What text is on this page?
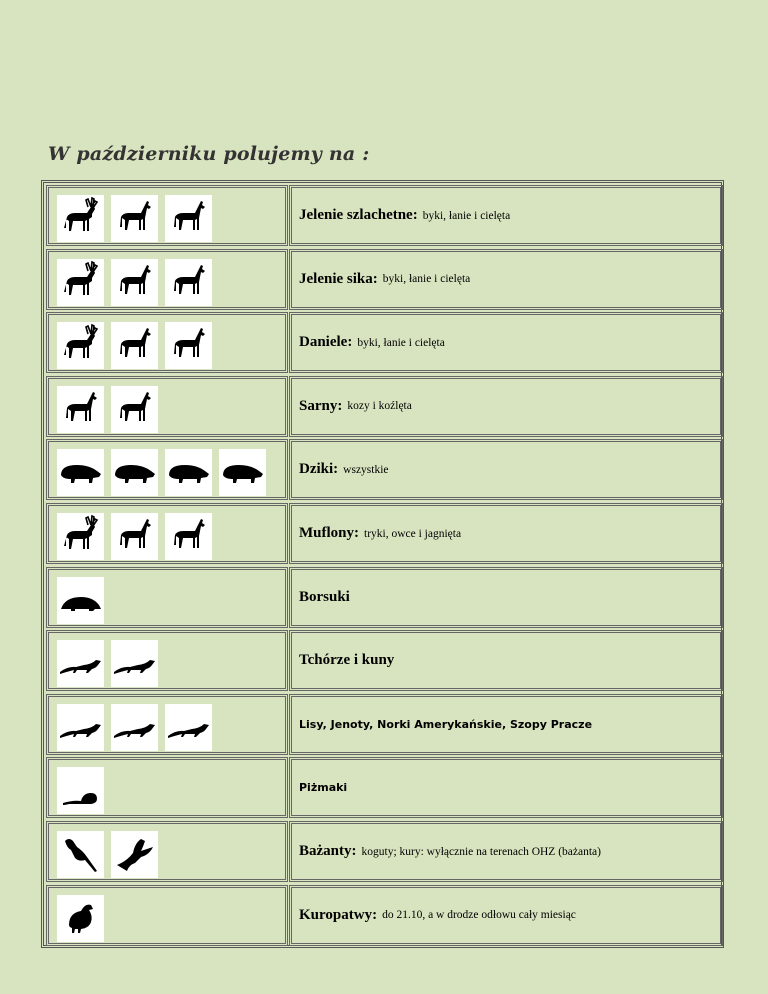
W październiku polujemy na :
Jelenie szlachetne: byki, łanie i cielęta
Jelenie sika: byki, łanie i cielęta
Daniele: byki, łanie i cielęta
Sarny: kozy i koźlęta
Dziki: wszystkie
Muflony: tryki, owce i jagnięta
Borsuki
Tchórze i kuny
Lisy, Jenoty, Norki Amerykańskie, Szopy Pracze
Piżmaki
Bażanty: koguty; kury: wyłącznie na terenach OHZ (bażanta)
Kuropatwy: do 21.10, a w drodze odłowu cały miesiąc
